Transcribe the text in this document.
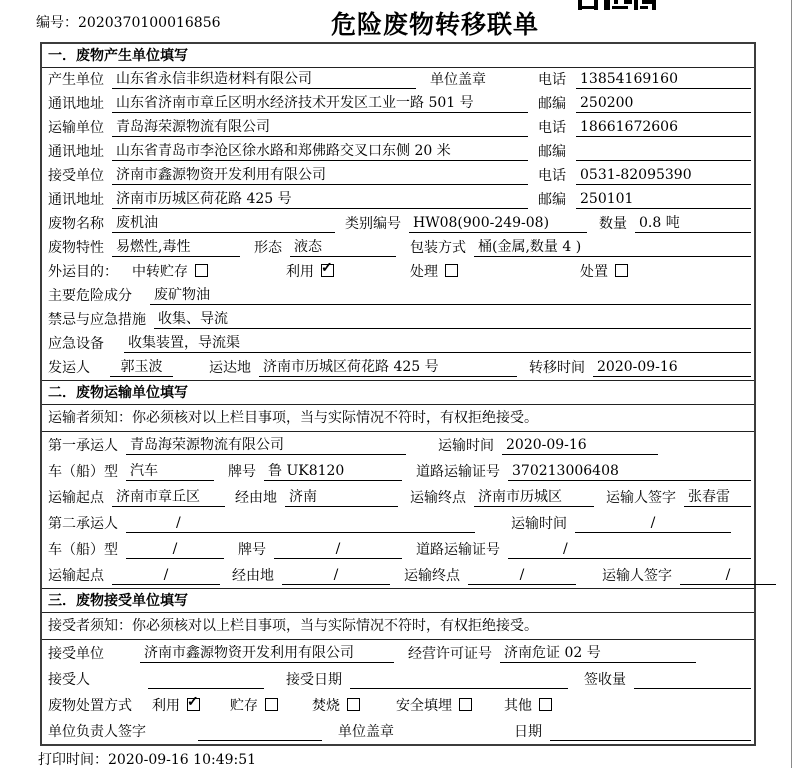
编号：2020370100016856	危险废物转移联单
一．废物产生单位填写
产生单位 山东省永信非织造材料有限公司	单位盖章	电话 13854169160
通讯地址 山东省济南市章丘区明水经济技术开发区工业一路 501 号	邮编 250200
运输单位 青岛海荣源物流有限公司	电话 18661672606
通讯地址 山东省青岛市李沧区徐水路和郑佛路交叉口东侧 20 米	邮编
接受单位 济南市鑫源物资开发利用有限公司	电话 0531-82095390
通讯地址 济南市历城区荷花路 425 号	邮编 250101
废物名称 废机油	类别编号 HW08(900-249-08)	数量 0.8 吨
废物特性 易燃性,毒性	形态 液态	包装方式 桶(金属,数量 4 )
外运目的： 中转贮存	利用 ✓	处理	处置
主要危险成分 废矿物油
禁忌与应急措施 收集、导流
应急设备 收集装置，导流渠
发运人	郭玉波	运达地 济南市历城区荷花路 425 号	转移时间 2020-09-16
二．废物运输单位填写
运输者须知：你必须核对以上栏目事项，当与实际情况不符时，有权拒绝接受。
第一承运人 青岛海荣源物流有限公司	运输时间 2020-09-16
车（船）型 汽车	牌号 鲁 UK8120	道路运输证号 370213006408
运输起点 济南市章丘区	经由地 济南	运输终点 济南市历城区	运输人签字 张春雷
第二承运人	/	运输时间	/
车（船）型	/	牌号	/	道路运输证号	/
运输起点	/	经由地	/	运输终点	/	运输人签字	/
三．废物接受单位填写
接受者须知：你必须核对以上栏目事项，当与实际情况不符时，有权拒绝接受。
接受单位	济南市鑫源物资开发利用有限公司	经营许可证号 济南危证 02 号
接受人	接受日期	签收量
废物处置方式 利用 ✓	贮存	焚烧	安全填埋	其他
单位负责人签字	单位盖章	日期
打印时间：2020-09-16 10:49:51
